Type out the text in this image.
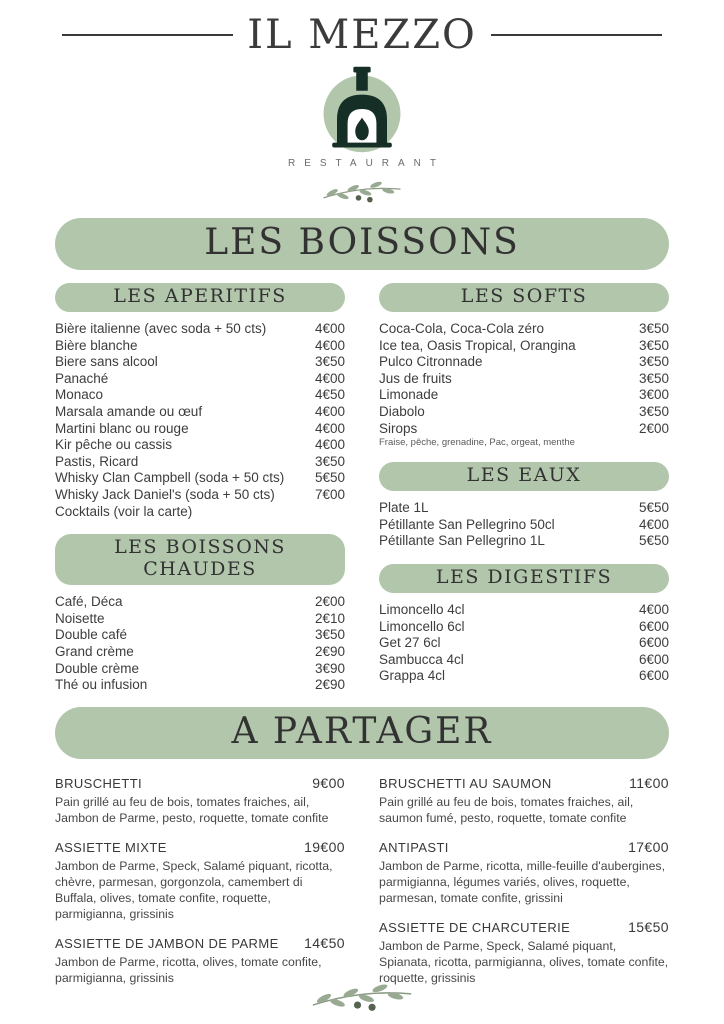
IL MEZZO
RESTAURANT
LES BOISSONS
LES APERITIFS
Bière italienne (avec soda + 50 cts)	4€00
Bière blanche	4€00
Biere sans alcool	3€50
Panaché	4€00
Monaco	4€50
Marsala amande ou œuf	4€00
Martini blanc ou rouge	4€00
Kir pêche ou cassis	4€00
Pastis, Ricard	3€50
Whisky Clan Campbell (soda + 50 cts) 5€50
Whisky Jack Daniel's (soda + 50 cts)	7€00
Cocktails (voir la carte)
LES BOISSONS CHAUDES
Café, Déca	2€00
Noisette	2€10
Double café	3€50
Grand crème	2€90
Double crème	3€90
Thé ou infusion	2€90
LES SOFTS
Coca-Cola, Coca-Cola zéro	3€50
Ice tea, Oasis Tropical, Orangina	3€50
Pulco Citronnade	3€50
Jus de fruits	3€50
Limonade	3€00
Diabolo	3€50
Sirops	2€00
Fraise, pêche, grenadine, Pac, orgeat, menthe
LES EAUX
Plate 1L	5€50
Pétillante San Pellegrino 50cl	4€00
Pétillante San Pellegrino 1L	5€50
LES DIGESTIFS
Limoncello 4cl	4€00
Limoncello 6cl	6€00
Get 27 6cl	6€00
Sambucca 4cl	6€00
Grappa 4cl	6€00
A PARTAGER
BRUSCHETTI	9€00

Pain grillé au feu de bois, tomates fraiches, ail, Jambon de Parme, pesto, roquette, tomate confite

ASSIETTE MIXTE	19€00

Jambon de Parme, Speck, Salamé piquant, ricotta, chèvre, parmesan, gorgonzola, camembert di Buffala, olives, tomate confite, roquette, parmigianna, grissinis

ASSIETTE DE JAMBON DE PARME 14€50

Jambon de Parme, ricotta, olives, tomate confite, parmigianna, grissinis

BRUSCHETTI AU SAUMON	11€00

Pain grillé au feu de bois, tomates fraiches, ail, saumon fumé, pesto, roquette, tomate confite

ANTIPASTI	17€00

Jambon de Parme, ricotta, mille-feuille d'aubergines, parmigianna, légumes variés, olives, roquette, parmesan, tomate confite, grissini

ASSIETTE DE CHARCUTERIE	15€50

Jambon de Parme, Speck, Salamé piquant, Spianata, ricotta, parmigianna, olives, tomate confite, roquette, grissinis
